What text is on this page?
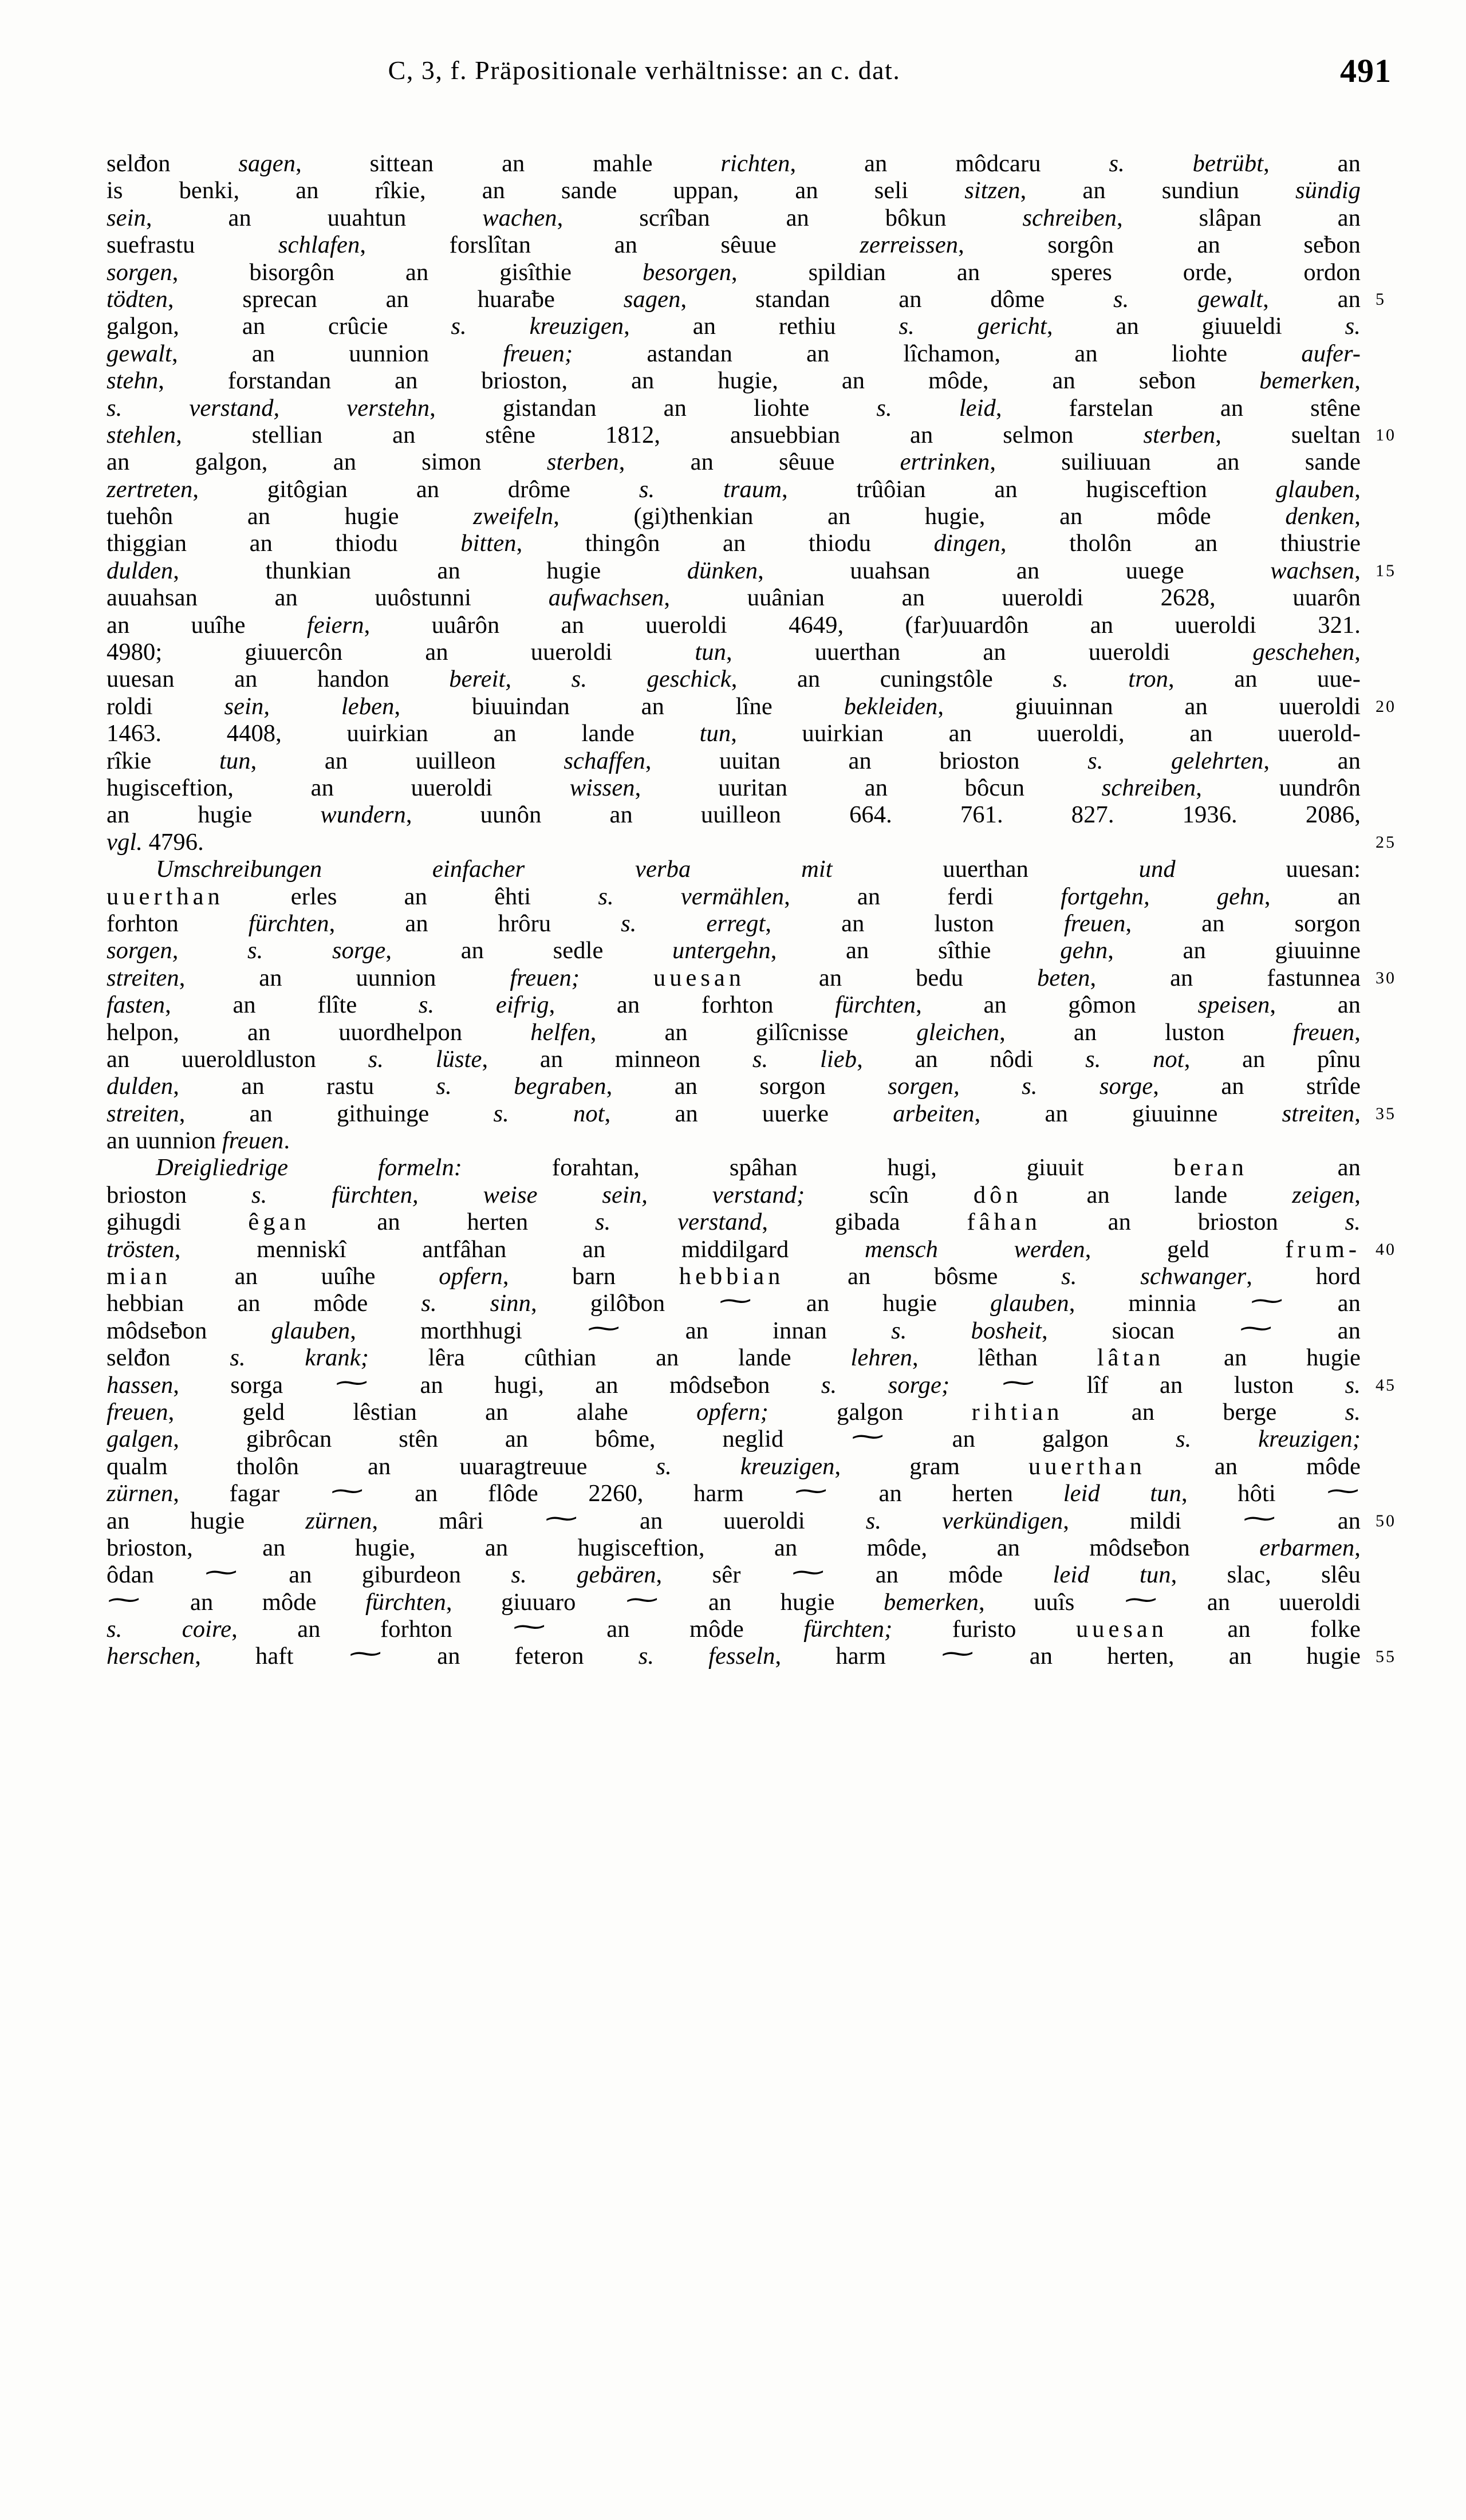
C, 3, f. Präpositionale verhältnisse: an c. dat.	491
selđon sagen, sittean an mahle richten, an môdcaru s. betrübt, an
is benki, an rîkie, an sande uppan, an seli sitzen, an sundiun sündig
sein, an uuahtun wachen, scrîban an bôkun schreiben, slâpan an
suefrastu schlafen, forslîtan an sêuue zerreissen, sorgôn an seƀon
sorgen, bisorgôn an gisîthie besorgen, spildian an speres orde, ordon
5
tödten, sprecan an huaraƀe sagen, standan an dôme s. gewalt, an
galgon, an crûcie s. kreuzigen, an rethiu s. gericht, an giuueldi s.
gewalt, an uunnion freuen; astandan an lîchamon, an liohte aufer-
stehn, forstandan an brioston, an hugie, an môde, an seƀon bemerken,
s. verstand, verstehn, gistandan an liohte s. leid, farstelan an stêne
10
stehlen, stellian an stêne 1812, ansuebbian an selmon sterben, sueltan
an galgon, an simon sterben, an sêuue ertrinken, suiliuuan an sande
zertreten, gitôgian an drôme s. traum, trûôian an hugisceftion glauben,
tuehôn an hugie zweifeln, (gi)thenkian an hugie, an môde denken,
thiggian an thiodu bitten, thingôn an thiodu dingen, tholôn an thiustrie
15
dulden, thunkian an hugie dünken, uuahsan an uuege wachsen,
auuahsan an uuôstunni aufwachsen, uuânian an uueroldi 2628, uuarôn
an uuîhe feiern, uuârôn an uueroldi 4649, (far)uuardôn an uueroldi 321.
4980; giuuercôn an uueroldi tun, uuerthan an uueroldi geschehen,
uuesan an handon bereit, s. geschick, an cuningstôle s. tron, an uue-
20
roldi sein, leben, biuuindan an lîne bekleiden, giuuinnan an uueroldi
1463. 4408, uuirkian an lande tun, uuirkian an uueroldi, an uuerold-
rîkie tun, an uuilleon schaffen, uuitan an brioston s. gelehrten, an
hugisceftion, an uueroldi wissen, uuritan an bôcun schreiben, uundrôn
an hugie wundern, uunôn an uuilleon 664. 761. 827. 1936. 2086,
25
vgl. 4796.
Umschreibungen einfacher verba mit uuerthan und uuesan:
uuerthan erles an êhti s. vermählen, an ferdi fortgehn, gehn, an
forhton fürchten, an hrôru s. erregt, an luston freuen, an sorgon
sorgen, s. sorge, an sedle untergehn, an sîthie gehn, an giuuinne
30
streiten, an uunnion freuen;	uuesan an bedu beten, an fastunnea
fasten, an flîte s. eifrig, an forhton fürchten, an gômon speisen, an
helpon, an uuordhelpon helfen, an gilîcnisse gleichen, an luston freuen,
an uueroldluston s. lüste, an minneon s. lieb, an nôdi s. not, an pînu
dulden, an rastu s. begraben, an sorgon sorgen, s. sorge, an strîde
35
streiten, an githuinge s. not, an uuerke arbeiten, an giuuinne streiten,
an uunnion freuen.
Dreigliedrige formeln: forahtan, spâhan hugi, giuuit beran an
brioston s. fürchten, weise sein, verstand; scîn dôn an lande zeigen,
gihugdi êgan an herten s. verstand, gibada fâhan an brioston s.
40
trösten, menniskî antfâhan an middilgard mensch werden, geld frum-
mian an uuîhe opfern, barn hebbian an bôsme s. schwanger, hord
hebbian an môde s. sinn, gilôƀon ⁓ an hugie glauben, minnia ⁓ an
môdseƀon glauben, morthhugi ⁓ an innan s. bosheit, siocan ⁓ an
selđon s. krank; lêra cûthian an lande lehren, lêthan lâtan an hugie
45
hassen, sorga ⁓ an hugi, an môdseƀon s. sorge; ⁓ lîf an luston s.
freuen, geld lêstian an alahe opfern; galgon rihtian an berge s.
galgen, gibrôcan stên an bôme, neglid ⁓ an galgon s. kreuzigen;
qualm tholôn an uuaragtreuue s. kreuzigen, gram uuerthan an môde
zürnen, fagar ⁓ an flôde 2260, harm ⁓ an herten leid tun, hôti ⁓
50
an hugie zürnen, mâri ⁓ an uueroldi s. verkündigen, mildi ⁓ an
brioston, an hugie, an hugisceftion, an môde, an môdseƀon erbarmen,
ôdan ⁓ an giburdeon s. gebären, sêr ⁓ an môde leid tun, slac, slêu
⁓ an môde fürchten, giuuaro ⁓ an hugie bemerken, uuîs ⁓ an uueroldi
s. coire, an forhton ⁓ an môde fürchten; furisto uuesan an folke
55
herschen, haft ⁓ an feteron s. fesseln, harm ⁓ an herten, an hugie
